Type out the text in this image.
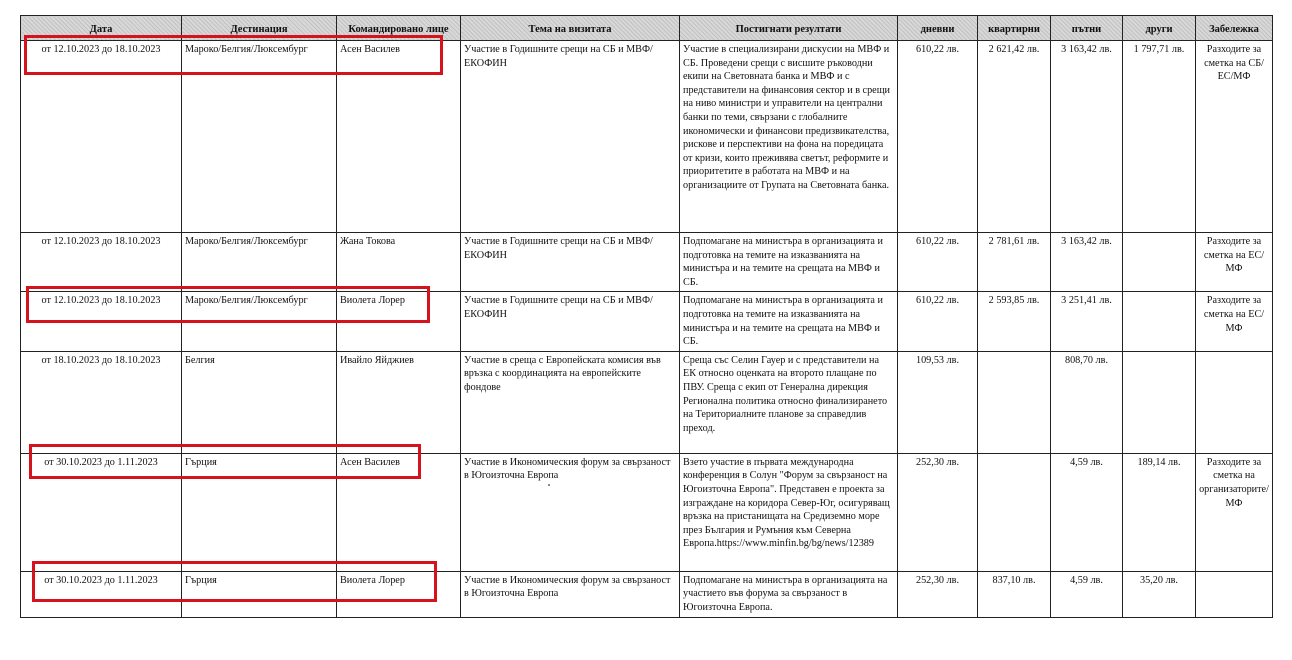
Дата	Дестинация	Командировано лице	Тема на визитата	Постигнати резултати	дневни	квартирни	пътни	други	Забележка
от 12.10.2023 до 18.10.2023	Мароко/Белгия/Люксембург	Асен Василев	Участие в Годишните срещи на СБ и МВФ/ЕКОФИН	Участие в специализирани дискусии на МВФ и СБ. Проведени срещи с висшите ръководни екипи на Световната банка и МВФ и с представители на финансовия сектор и в срещи на ниво министри и управители на централни банки по теми, свързани с глобалните икономически и финансови предизвикателства, рискове и перспективи на фона на поредицата от кризи, които преживява светът, реформите и приоритетите в работата на МВФ и на организациите от Групата на Световната банка.	610,22 лв.	2 621,42 лв.	3 163,42 лв.	1 797,71 лв.	Разходите за сметка на СБ/ЕС/МФ
от 12.10.2023 до 18.10.2023	Мароко/Белгия/Люксембург	Жана Токова	Участие в Годишните срещи на СБ и МВФ/ЕКОФИН	Подпомагане на министъра в организацията и подготовка на темите на изказванията на министъра и на темите на срещата на МВФ и СБ.	610,22 лв.	2 781,61 лв.	3 163,42 лв.		Разходите за сметка на ЕС/МФ
от 12.10.2023 до 18.10.2023	Мароко/Белгия/Люксембург	Виолета Лорер	Участие в Годишните срещи на СБ и МВФ/ЕКОФИН	Подпомагане на министъра в организацията и подготовка на темите на изказванията на министъра и на темите на срещата на МВФ и СБ.	610,22 лв.	2 593,85 лв.	3 251,41 лв.		Разходите за сметка на ЕС/МФ
от 18.10.2023 до 18.10.2023	Белгия	Ивайло Яйджиев	Участие в среща с Европейската комисия във връзка с координацията на европейските фондове	Среща със Селин Гауер и с представители на ЕК относно оценката на второто плащане по ПВУ. Среща с екип от Генерална дирекция Регионална политика относно финализирането на Териториалните планове за справедлив преход.	109,53 лв.		808,70 лв.		
от 30.10.2023 до 1.11.2023	Гърция	Асен Василев	Участие в Икономическия форум за свързаност в Югоизточна Европа	Взето участие в първата международна конференция в Солун "Форум за свързаност на Югоизточна Европа". Представен е проекта за изграждане на коридора Север-Юг, осигуряващ връзка на пристанищата на Средиземно море през България и Румъния към Северна Европа.https://www.minfin.bg/bg/news/12389	252,30 лв.		4,59 лв.	189,14 лв.	Разходите за сметка на организаторите/МФ
от 30.10.2023 до 1.11.2023	Гърция	Виолета Лорер	Участие в Икономическия форум за свързаност в Югоизточна Европа	Подпомагане на министъра в организацията на участието във форума за свързаност в Югоизточна Европа.	252,30 лв.	837,10 лв.	4,59 лв.	35,20 лв.	
